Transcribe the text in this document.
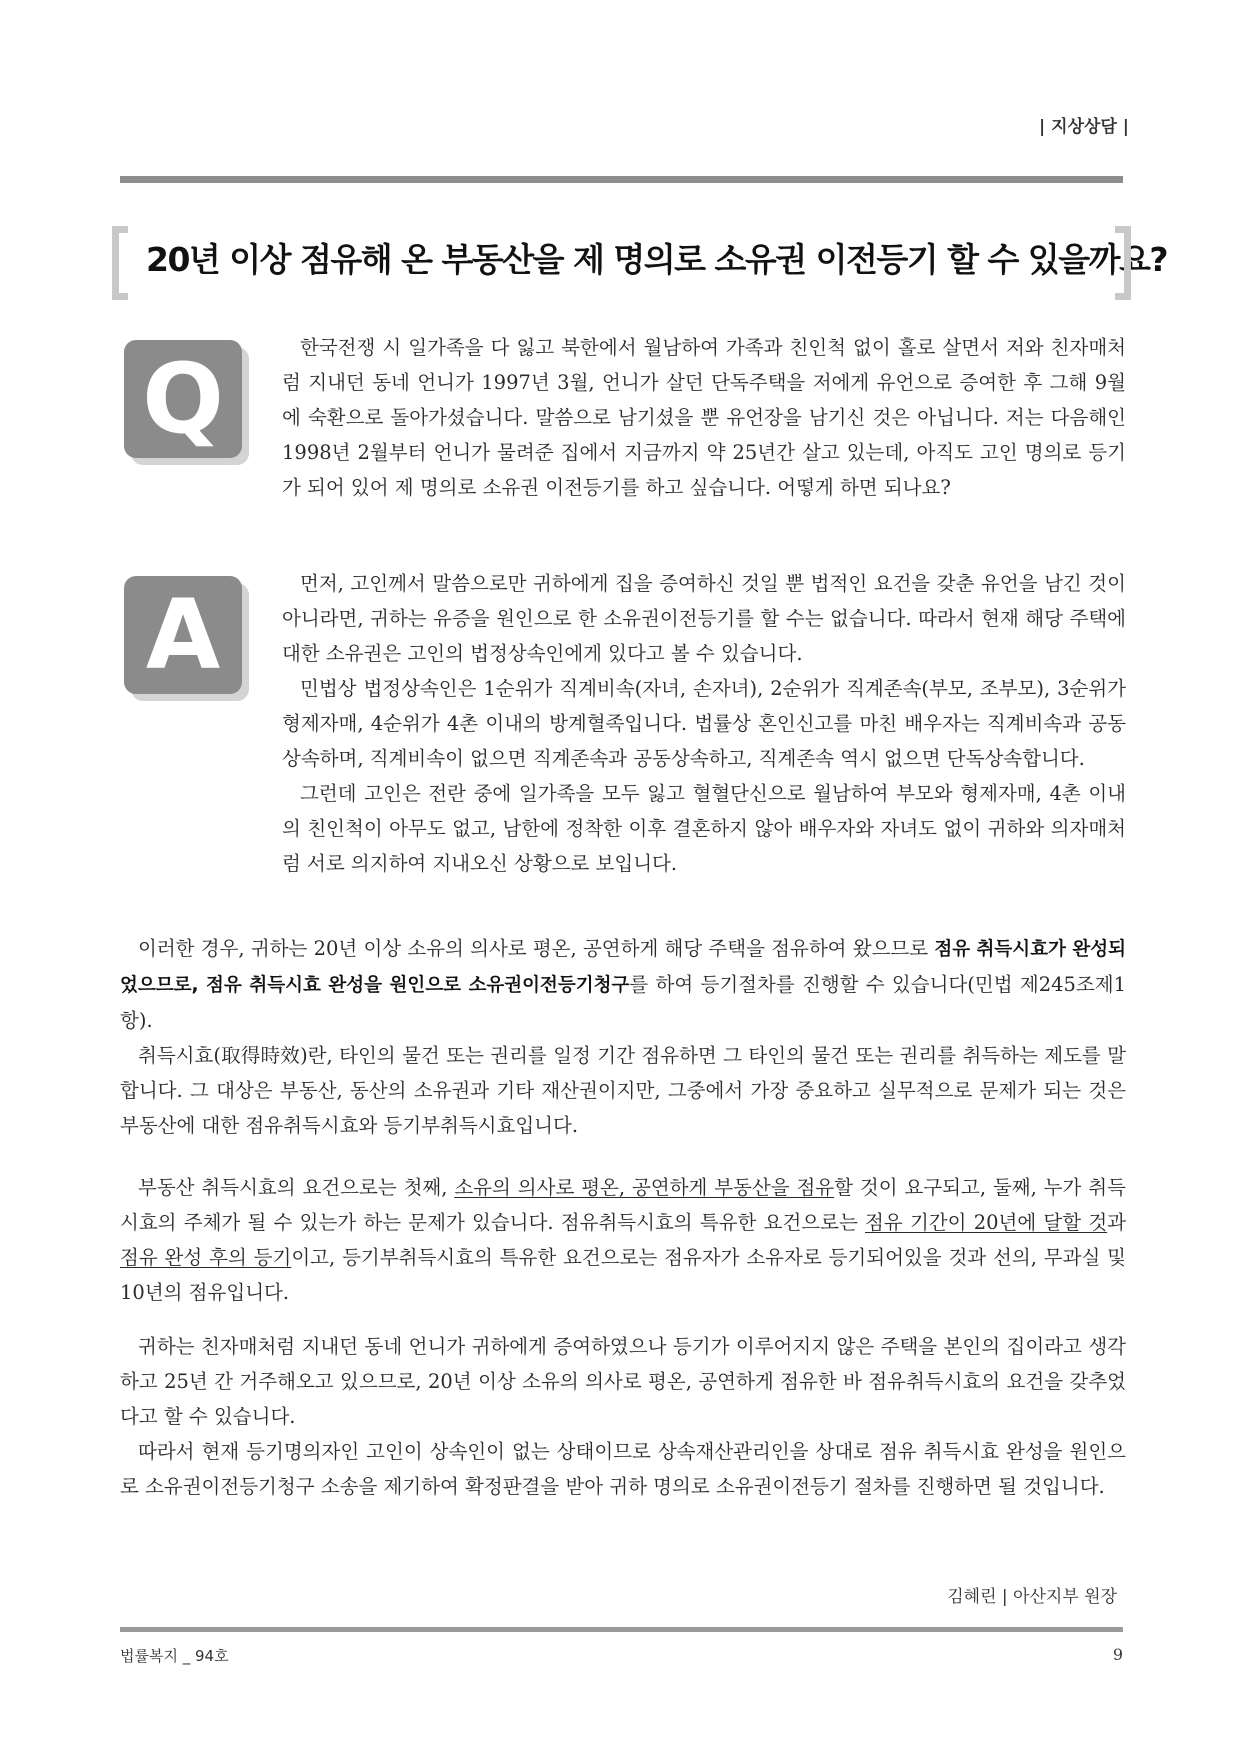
| 지상상담 |
20년 이상 점유해 온 부동산을 제 명의로 소유권 이전등기 할 수 있을까요?
Q	한국전쟁 시 일가족을 다 잃고 북한에서 월남하여 가족과 친인척 없이 홀로 살면서 저와 친자매처럼 지내던 동네 언니가 1997년 3월, 언니가 살던 단독주택을 저에게 유언으로 증여한 후 그해 9월에 숙환으로 돌아가셨습니다. 말씀으로 남기셨을 뿐 유언장을 남기신 것은 아닙니다. 저는 다음해인 1998년 2월부터 언니가 물려준 집에서 지금까지 약 25년간 살고 있는데, 아직도 고인 명의로 등기가 되어 있어 제 명의로 소유권 이전등기를 하고 싶습니다. 어떻게 하면 되나요?

A	먼저, 고인께서 말씀으로만 귀하에게 집을 증여하신 것일 뿐 법적인 요건을 갖춘 유언을 남긴 것이 아니라면, 귀하는 유증을 원인으로 한 소유권이전등기를 할 수는 없습니다. 따라서 현재 해당 주택에 대한 소유권은 고인의 법정상속인에게 있다고 볼 수 있습니다.

민법상 법정상속인은 1순위가 직계비속(자녀, 손자녀), 2순위가 직계존속(부모, 조부모), 3순위가 형제자매, 4순위가 4촌 이내의 방계혈족입니다. 법률상 혼인신고를 마친 배우자는 직계비속과 공동상속하며, 직계비속이 없으면 직계존속과 공동상속하고, 직계존속 역시 없으면 단독상속합니다.

그런데 고인은 전란 중에 일가족을 모두 잃고 혈혈단신으로 월남하여 부모와 형제자매, 4촌 이내의 친인척이 아무도 없고, 남한에 정착한 이후 결혼하지 않아 배우자와 자녀도 없이 귀하와 의자매처럼 서로 의지하여 지내오신 상황으로 보입니다.

이러한 경우, 귀하는 20년 이상 소유의 의사로 평온, 공연하게 해당 주택을 점유하여 왔으므로 점유 취득시효가 완성되었으므로, 점유 취득시효 완성을 원인으로 소유권이전등기청구를 하여 등기절차를 진행할 수 있습니다(민법 제245조제1항).

취득시효(取得時效)란, 타인의 물건 또는 권리를 일정 기간 점유하면 그 타인의 물건 또는 권리를 취득하는 제도를 말합니다. 그 대상은 부동산, 동산의 소유권과 기타 재산권이지만, 그중에서 가장 중요하고 실무적으로 문제가 되는 것은 부동산에 대한 점유취득시효와 등기부취득시효입니다.

부동산 취득시효의 요건으로는 첫째, 소유의 의사로 평온, 공연하게 부동산을 점유할 것이 요구되고, 둘째, 누가 취득시효의 주체가 될 수 있는가 하는 문제가 있습니다. 점유취득시효의 특유한 요건으로는 점유 기간이 20년에 달할 것과 점유 완성 후의 등기이고, 등기부취득시효의 특유한 요건으로는 점유자가 소유자로 등기되어있을 것과 선의, 무과실 및 10년의 점유입니다.

귀하는 친자매처럼 지내던 동네 언니가 귀하에게 증여하였으나 등기가 이루어지지 않은 주택을 본인의 집이라고 생각하고 25년 간 거주해오고 있으므로, 20년 이상 소유의 의사로 평온, 공연하게 점유한 바 점유취득시효의 요건을 갖추었다고 할 수 있습니다.

따라서 현재 등기명의자인 고인이 상속인이 없는 상태이므로 상속재산관리인을 상대로 점유 취득시효 완성을 원인으로 소유권이전등기청구 소송을 제기하여 확정판결을 받아 귀하 명의로 소유권이전등기 절차를 진행하면 될 것입니다.

김혜린 | 아산지부 원장
법률복지 _ 94호	9
